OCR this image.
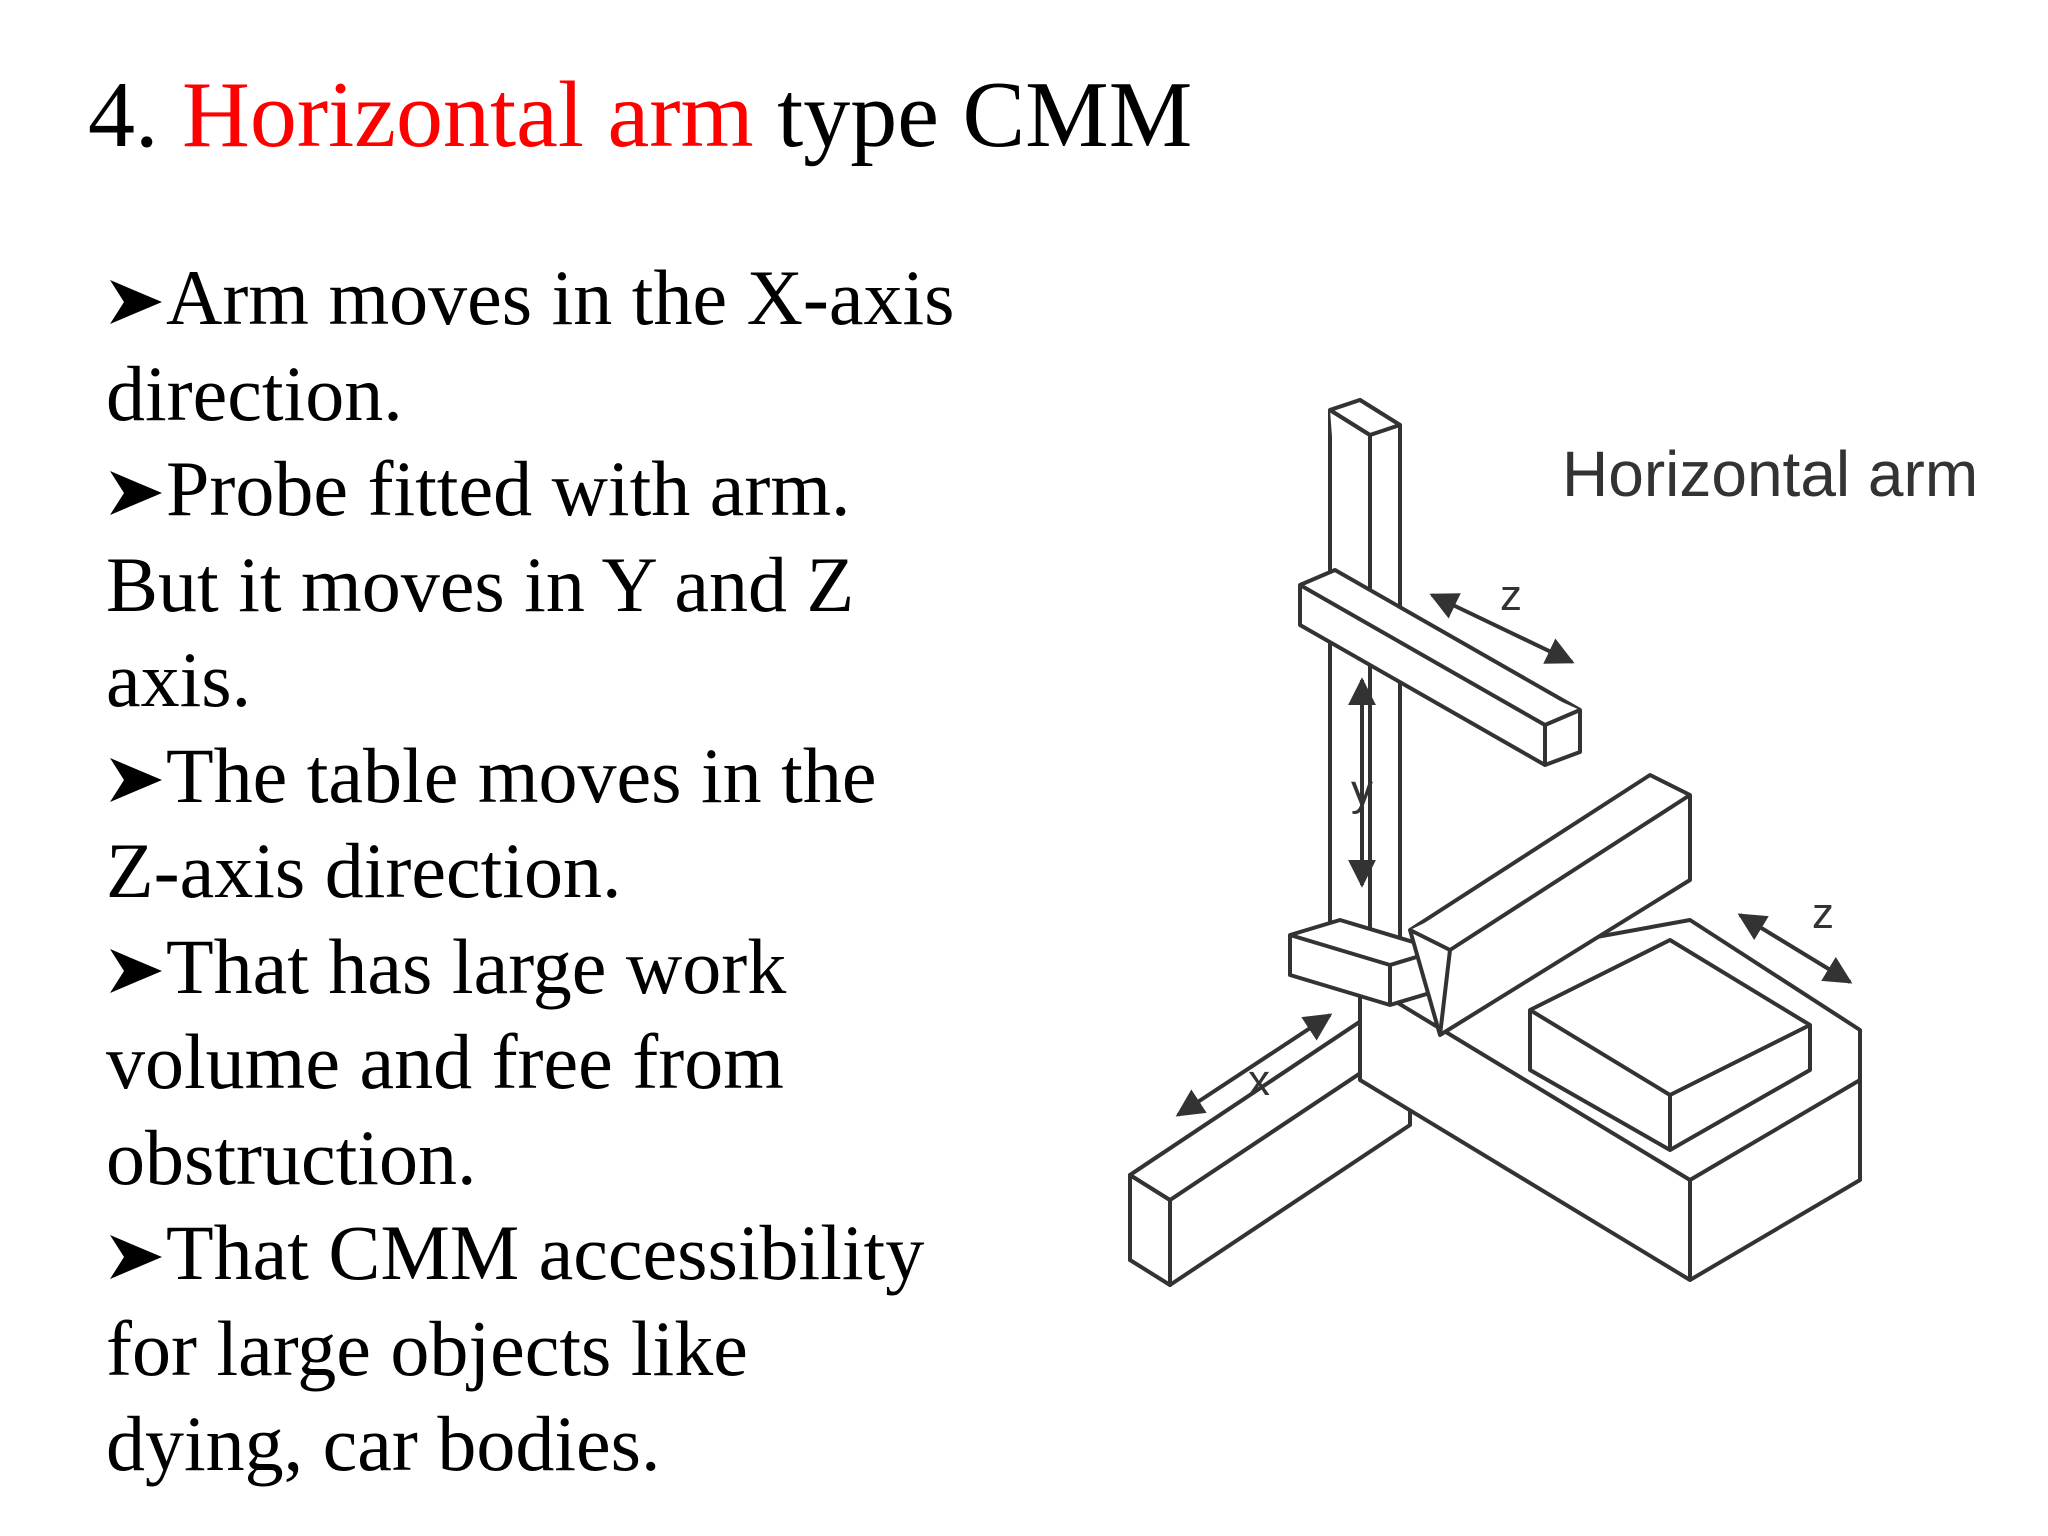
4. Horizontal arm type CMM
Arm moves in the X-axis
direction.
Probe fitted with arm.
But it moves in Y and Z
axis.
The table moves in the
Z-axis direction.
That has large work
volume and free from
obstruction.
That CMM accessibility
for large objects like
dying, car bodies.
z
z
y
x
Horizontal arm
